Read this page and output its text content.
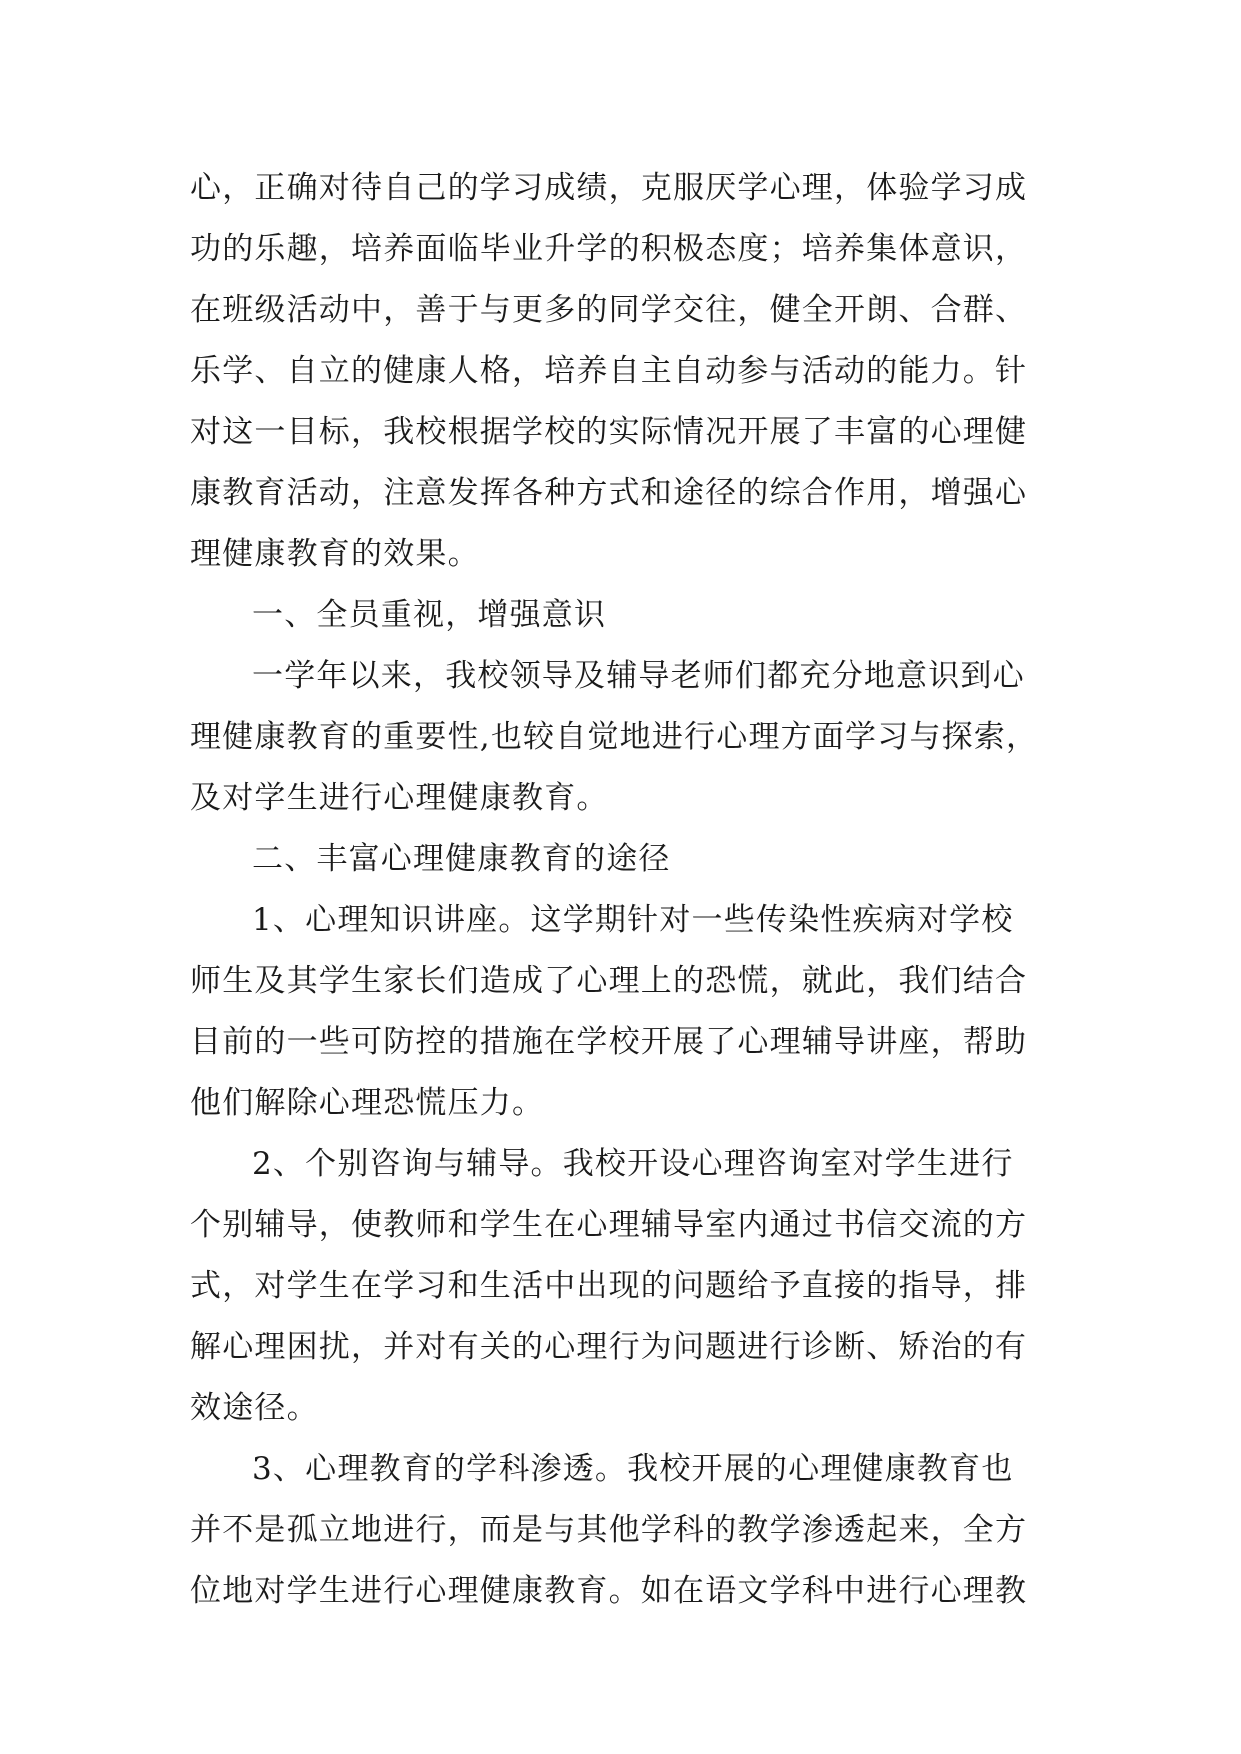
心，正确对待自己的学习成绩，克服厌学心理，体验学习成
功的乐趣，培养面临毕业升学的积极态度；培养集体意识，
在班级活动中，善于与更多的同学交往，健全开朗、合群、
乐学、自立的健康人格，培养自主自动参与活动的能力。针
对这一目标，我校根据学校的实际情况开展了丰富的心理健
康教育活动，注意发挥各种方式和途径的综合作用，增强心
理健康教育的效果。
一、全员重视，增强意识
一学年以来，我校领导及辅导老师们都充分地意识到心
理健康教育的重要性,也较自觉地进行心理方面学习与探索，
及对学生进行心理健康教育。
二、丰富心理健康教育的途径
1、心理知识讲座。这学期针对一些传染性疾病对学校
师生及其学生家长们造成了心理上的恐慌，就此，我们结合
目前的一些可防控的措施在学校开展了心理辅导讲座，帮助
他们解除心理恐慌压力。
2、个别咨询与辅导。我校开设心理咨询室对学生进行
个别辅导，使教师和学生在心理辅导室内通过书信交流的方
式，对学生在学习和生活中出现的问题给予直接的指导，排
解心理困扰，并对有关的心理行为问题进行诊断、矫治的有
效途径。
3、心理教育的学科渗透。我校开展的心理健康教育也
并不是孤立地进行，而是与其他学科的教学渗透起来，全方
位地对学生进行心理健康教育。如在语文学科中进行心理教
